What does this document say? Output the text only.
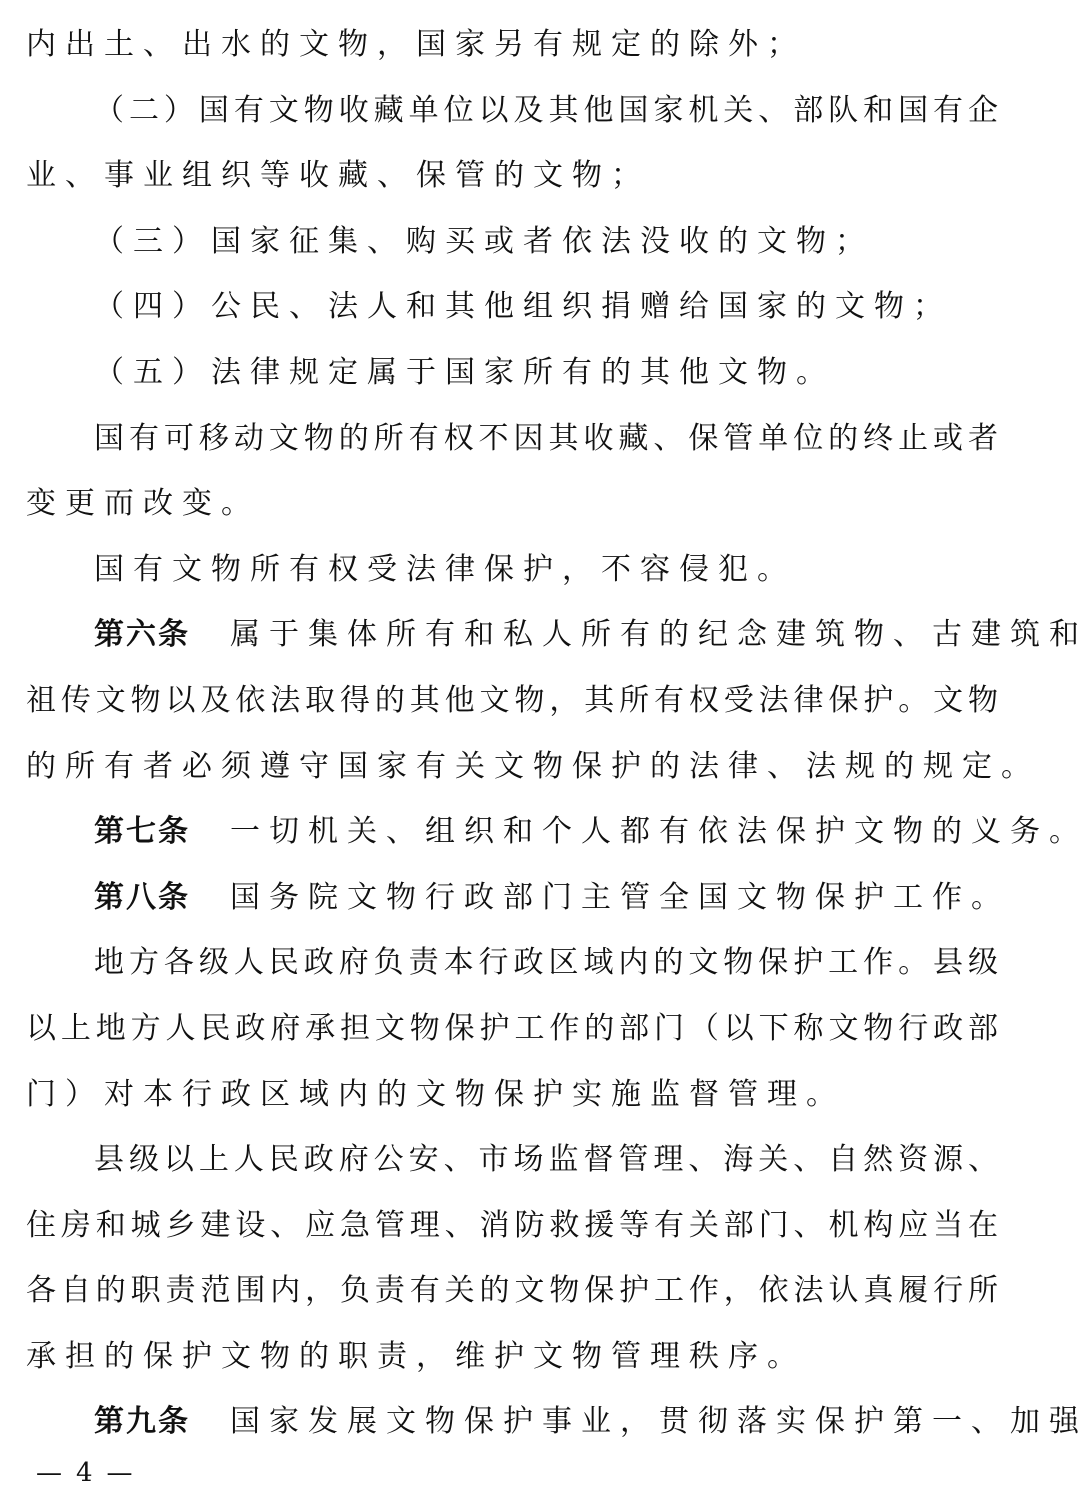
内出土、出水的文物，国家另有规定的除外；
（二）国有文物收藏单位以及其他国家机关、部队和国有企
业、事业组织等收藏、保管的文物；
（三）国家征集、购买或者依法没收的文物；
（四）公民、法人和其他组织捐赠给国家的文物；
（五）法律规定属于国家所有的其他文物。
国有可移动文物的所有权不因其收藏、保管单位的终止或者
变更而改变。
国有文物所有权受法律保护，不容侵犯。
第六条 属于集体所有和私人所有的纪念建筑物、古建筑和
祖传文物以及依法取得的其他文物，其所有权受法律保护。文物
的所有者必须遵守国家有关文物保护的法律、法规的规定。
第七条 一切机关、组织和个人都有依法保护文物的义务。
第八条 国务院文物行政部门主管全国文物保护工作。
地方各级人民政府负责本行政区域内的文物保护工作。县级
以上地方人民政府承担文物保护工作的部门（以下称文物行政部
门）对本行政区域内的文物保护实施监督管理。
县级以上人民政府公安、市场监督管理、海关、自然资源、
住房和城乡建设、应急管理、消防救援等有关部门、机构应当在
各自的职责范围内，负责有关的文物保护工作，依法认真履行所
承担的保护文物的职责，维护文物管理秩序。
第九条 国家发展文物保护事业，贯彻落实保护第一、加强
— 4 —
